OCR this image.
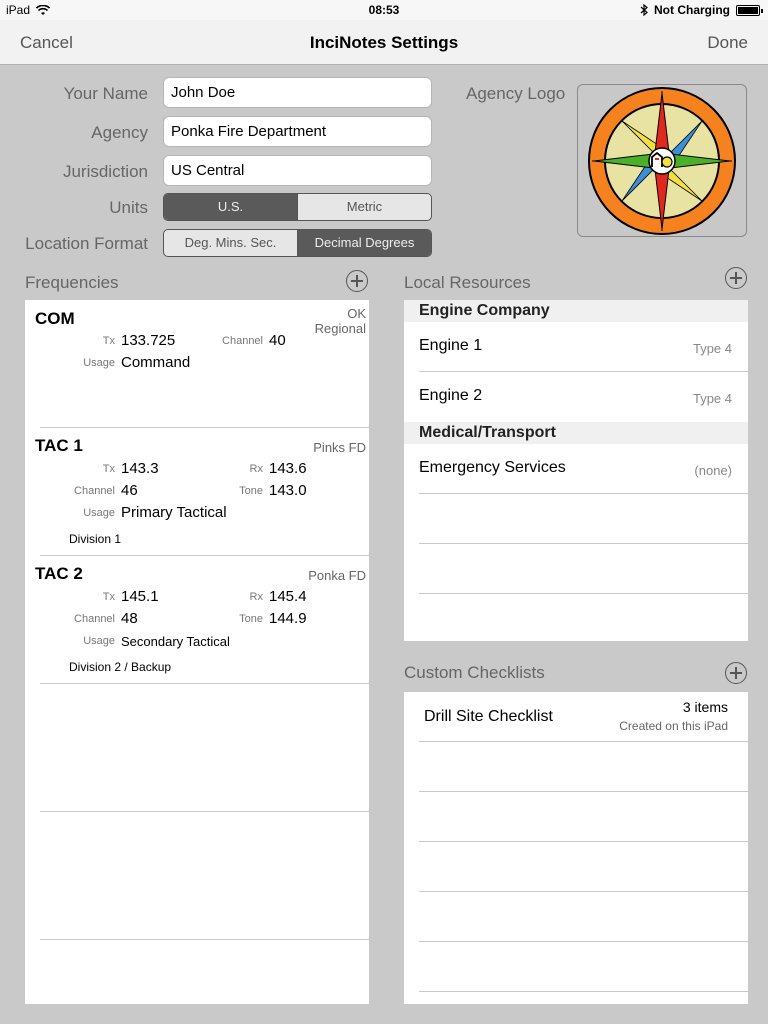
iPad	08:53	Not Charging
Cancel	InciNotes Settings	Done
Your Name
John Doe
Agency
Ponka Fire Department
Jurisdiction
US Central
Units	U.S.	Metric
Location Format	Deg. Mins. Sec.	Decimal Degrees
Agency Logo
Frequencies
COM	OK
Regional
Tx 133.725	Channel 40
Usage Command
TAC 1	Pinks FD
Tx 143.3	Rx 143.6
Channel 46	Tone 143.0
Usage Primary Tactical
Division 1
TAC 2	Ponka FD
Tx 145.1	Rx 145.4
Channel 48	Tone 144.9
Usage Secondary Tactical
Division 2 / Backup
Local Resources
Engine Company
Engine 1	Type 4
Engine 2	Type 4
Medical/Transport
Emergency Services	(none)
Custom Checklists
Drill Site Checklist
3 items
Created on this iPad
